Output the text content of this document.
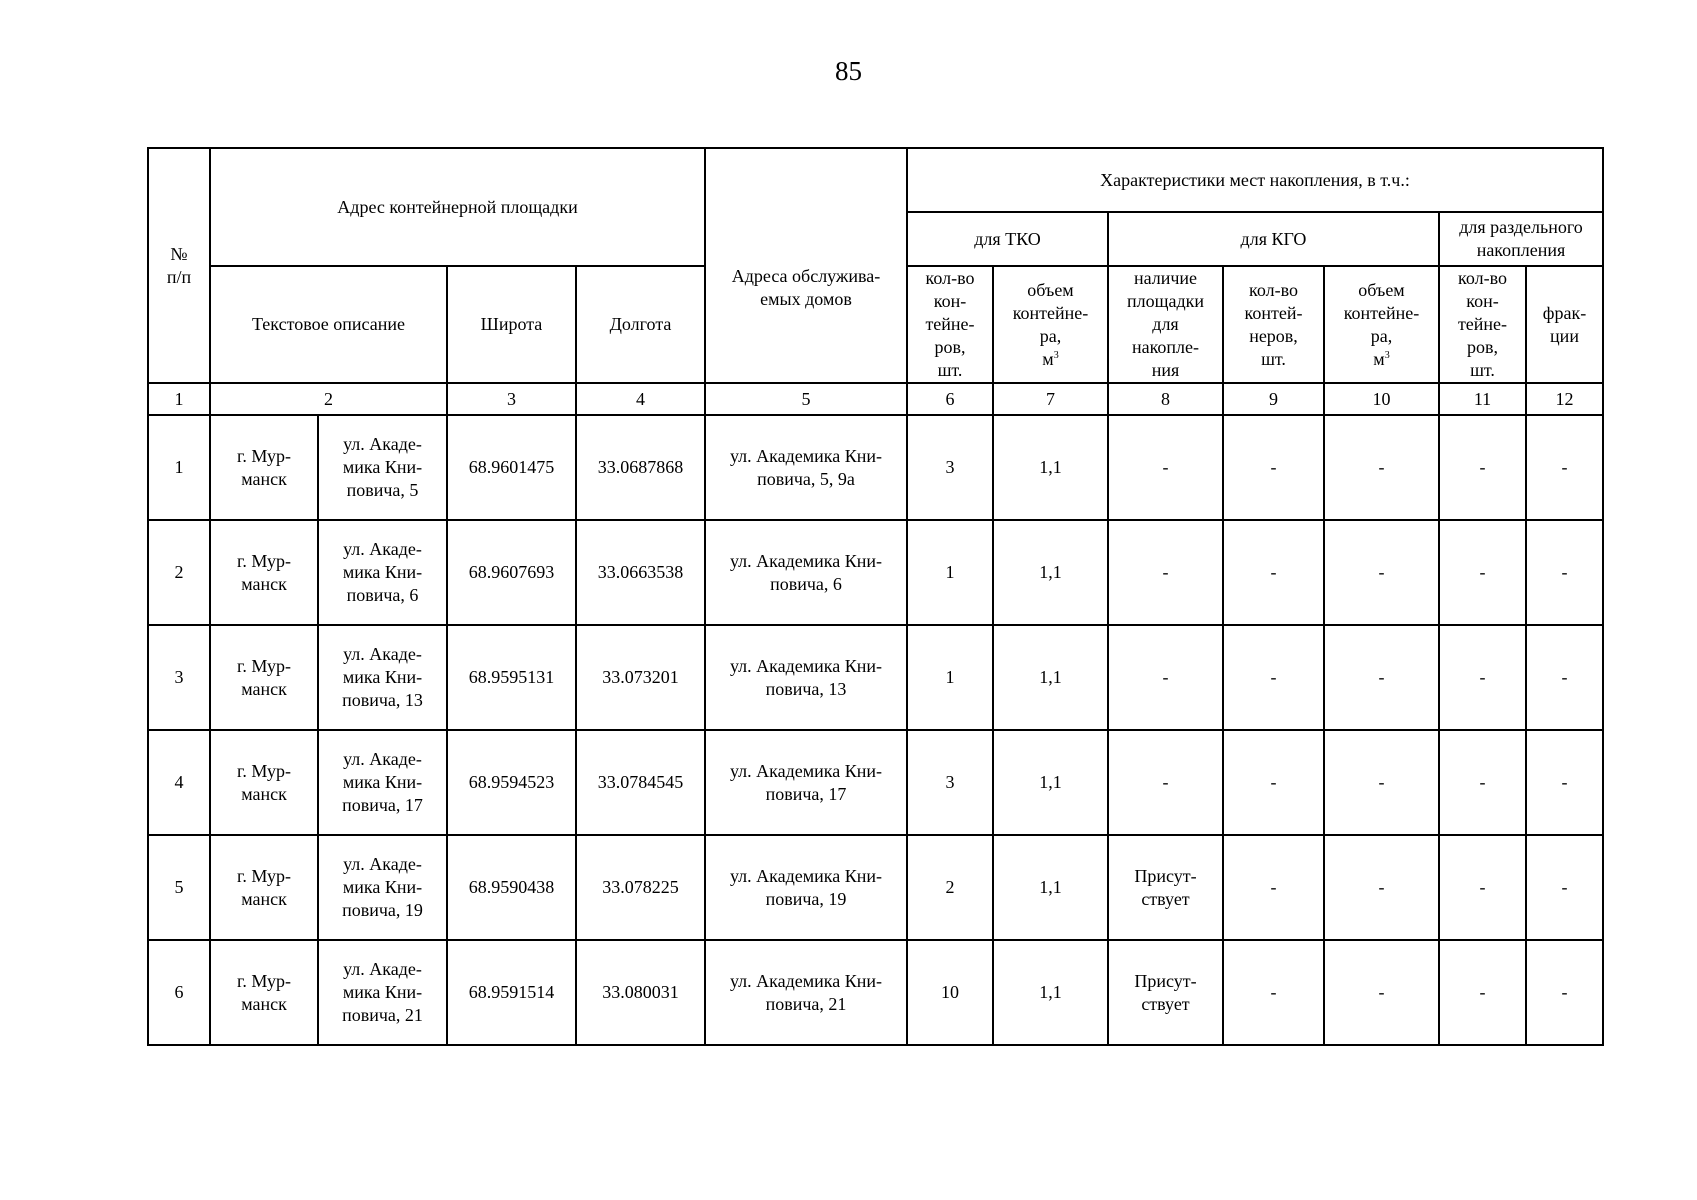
85
№
п/п	Адрес контейнерной площадки				Адреса обслужива-
емых домов	Характеристики мест накопления, в т.ч.:						
						для ТКО		для КГО			для раздельного
накопления	

	Текстовое описание		Широта	Долгота		кол-во
кон-
тейне-
ров,
шт.	объем
контейне-
ра,
$м^3$	наличие
площадки
для
накопле-
ния	кол-во
контей-
неров,
шт.	объем
контейне-
ра,
$м^3$	кол-во
кон-
тейне-
ров,
шт.	фрак-
ции

1	2		3	4	5	6	7	8	9	10	11	12
1	г. Мур-
манск	ул. Акаде-
мика Кни-
повича, 5	68.9601475	33.0687868	ул. Академика Кни-
повича, 5, 9а	3	1,1	-	-	-	-	-
2	г. Мур-
манск	ул. Акаде-
мика Кни-
повича, 6	68.9607693	33.0663538	ул. Академика Кни-
повича, 6	1	1,1	-	-	-	-	-
3	г. Мур-
манск	ул. Акаде-
мика Кни-
повича, 13	68.9595131	33.073201	ул. Академика Кни-
повича, 13	1	1,1	-	-	-	-	-
4	г. Мур-
манск	ул. Акаде-
мика Кни-
повича, 17	68.9594523	33.0784545	ул. Академика Кни-
повича, 17	3	1,1	-	-	-	-	-
5	г. Мур-
манск	ул. Акаде-
мика Кни-
повича, 19	68.9590438	33.078225	ул. Академика Кни-
повича, 19	2	1,1	Присут-
ствует	-	-	-	-
6	г. Мур-
манск	ул. Акаде-
мика Кни-
повича, 21	68.9591514	33.080031	ул. Академика Кни-
повича, 21	10	1,1	Присут-
ствует	-	-	-	-
